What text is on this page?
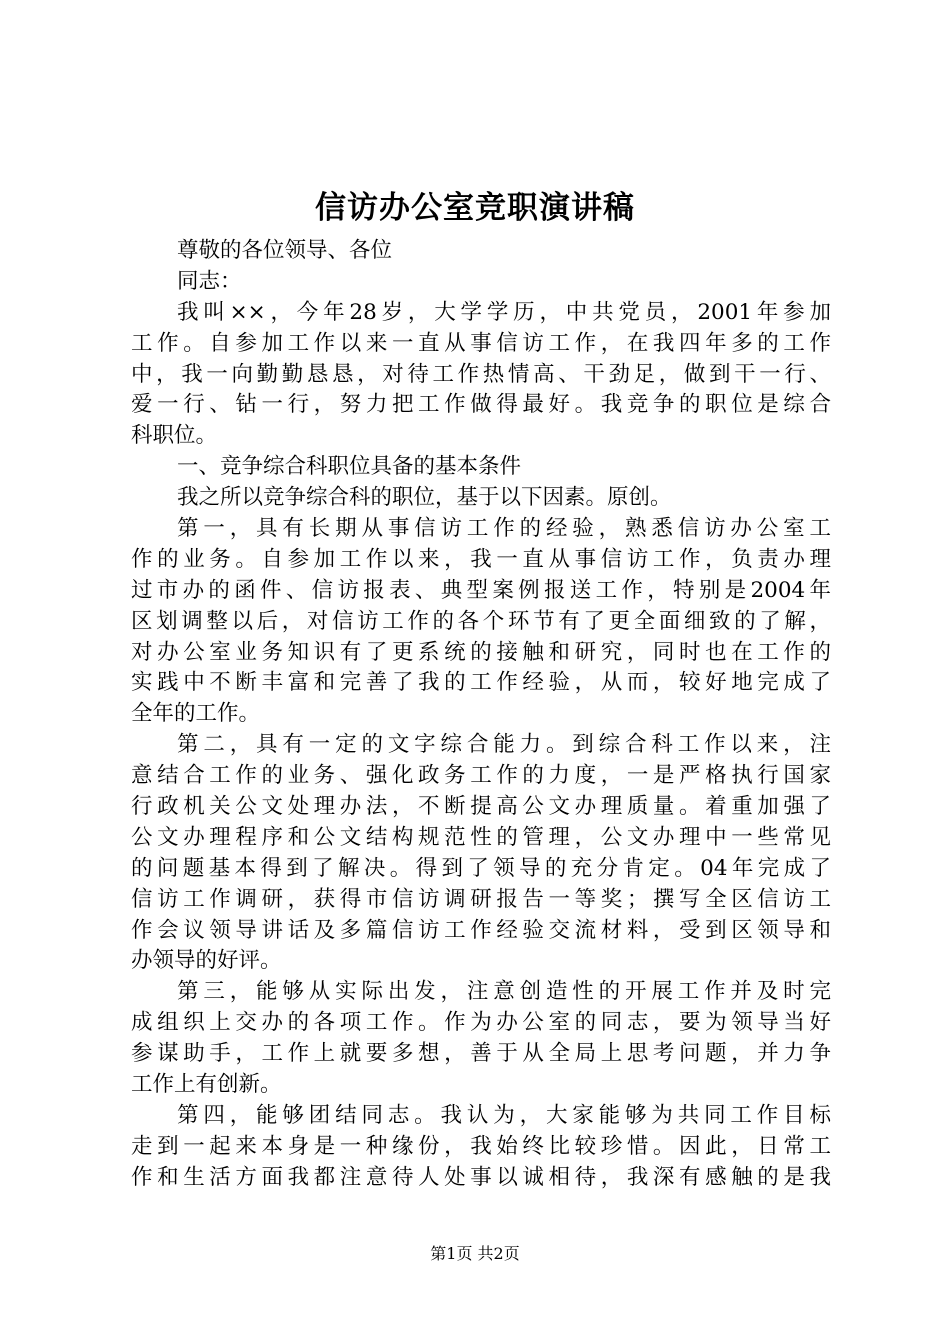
信访办公室竞职演讲稿
尊敬的各位领导、各位
同志：
我叫××，今年28岁，大学学历，中共党员，2001年参加
工作。自参加工作以来一直从事信访工作，在我四年多的工作
中，我一向勤勤恳恳，对待工作热情高、干劲足，做到干一行、
爱一行、钻一行，努力把工作做得最好。我竞争的职位是综合
科职位。
一、竞争综合科职位具备的基本条件
我之所以竞争综合科的职位，基于以下因素。原创。
第一，具有长期从事信访工作的经验，熟悉信访办公室工
作的业务。自参加工作以来，我一直从事信访工作，负责办理
过市办的函件、信访报表、典型案例报送工作，特别是2004年
区划调整以后，对信访工作的各个环节有了更全面细致的了解，
对办公室业务知识有了更系统的接触和研究，同时也在工作的
实践中不断丰富和完善了我的工作经验，从而，较好地完成了
全年的工作。
第二，具有一定的文字综合能力。到综合科工作以来，注
意结合工作的业务、强化政务工作的力度，一是严格执行国家
行政机关公文处理办法，不断提高公文办理质量。着重加强了
公文办理程序和公文结构规范性的管理，公文办理中一些常见
的问题基本得到了解决。得到了领导的充分肯定。04年完成了
信访工作调研，获得市信访调研报告一等奖；撰写全区信访工
作会议领导讲话及多篇信访工作经验交流材料，受到区领导和
办领导的好评。
第三，能够从实际出发，注意创造性的开展工作并及时完
成组织上交办的各项工作。作为办公室的同志，要为领导当好
参谋助手，工作上就要多想，善于从全局上思考问题，并力争
工作上有创新。
第四，能够团结同志。我认为，大家能够为共同工作目标
走到一起来本身是一种缘份，我始终比较珍惜。因此，日常工
作和生活方面我都注意待人处事以诚相待，我深有感触的是我
第1页 共2页
